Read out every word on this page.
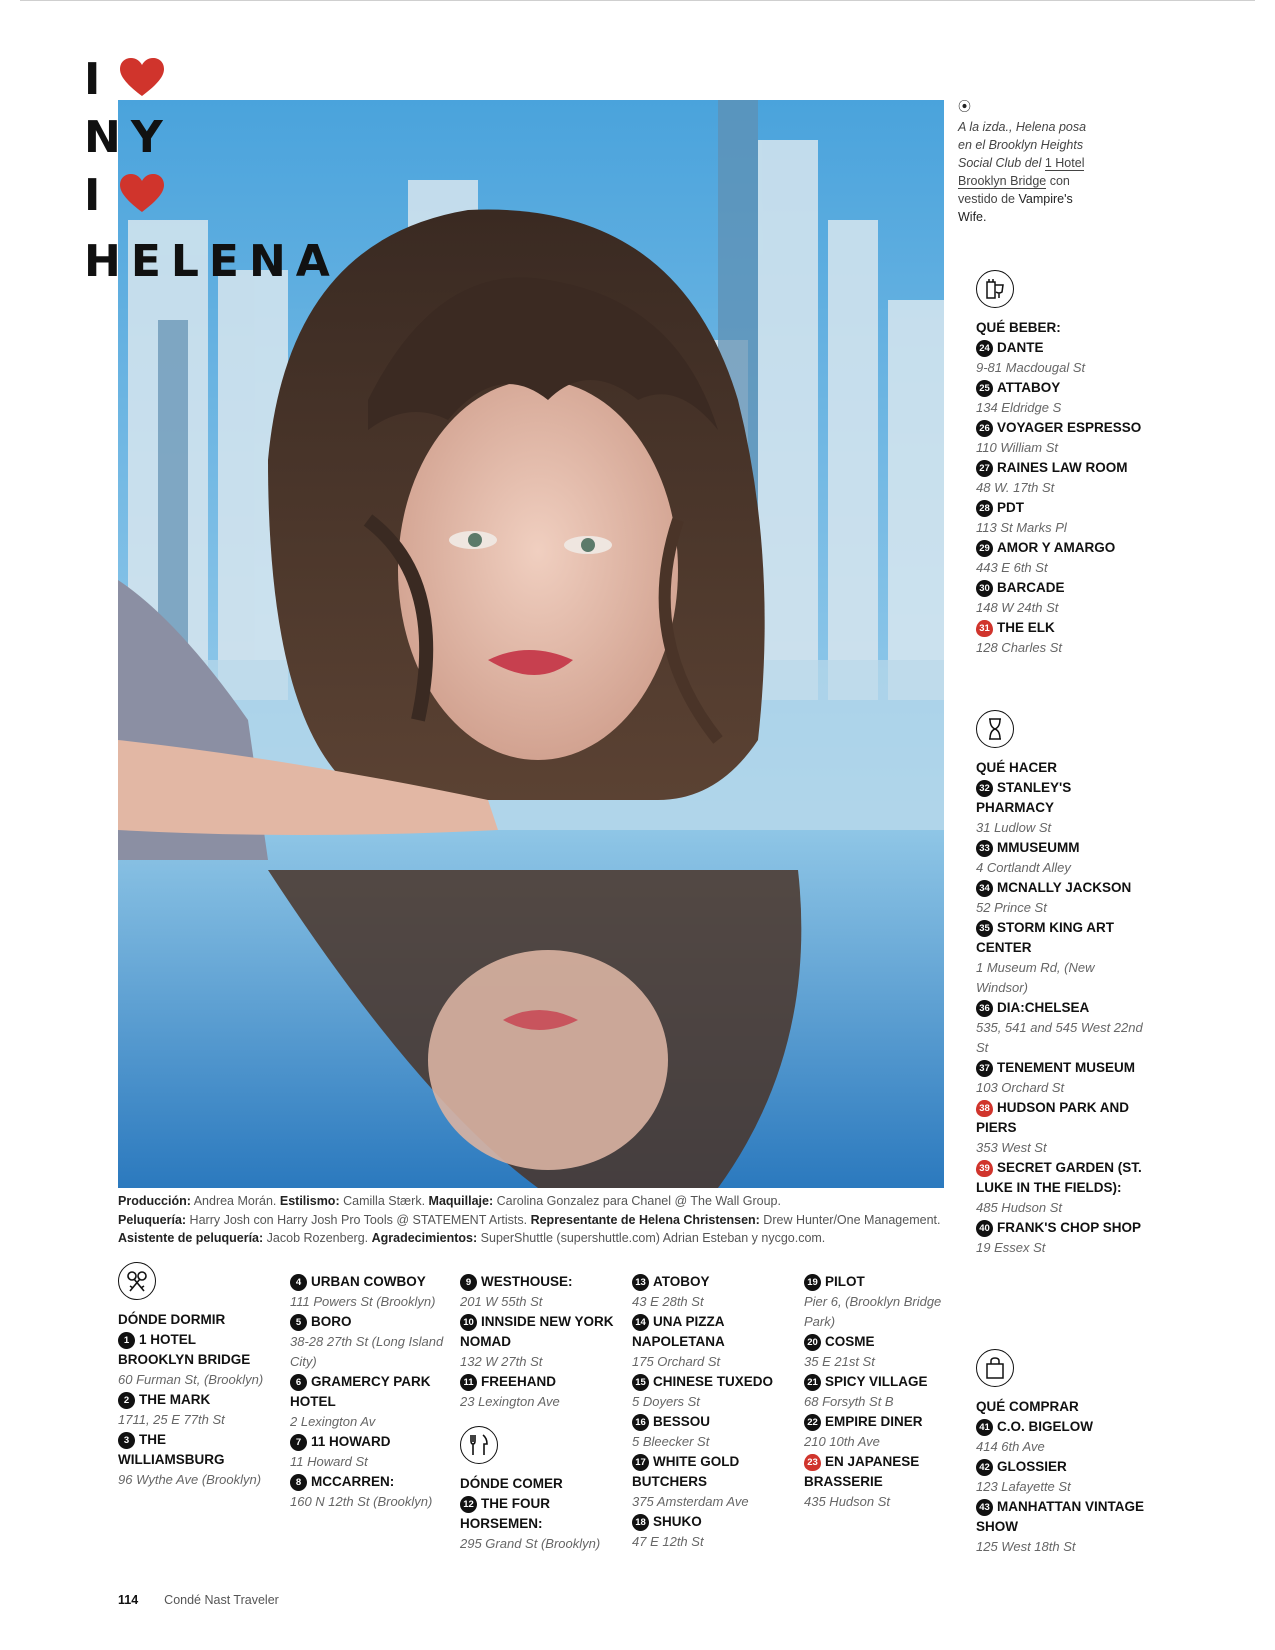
I
NY
I
HELENA
⦿
A la izda., Helena posa en el Brooklyn Heights Social Club del 1 Hotel Brooklyn Bridge con vestido de Vampire's Wife.
Producción: Andrea Morán. Estilismo: Camilla Stærk. Maquillaje: Carolina Gonzalez para Chanel @ The Wall Group.
Peluquería: Harry Josh con Harry Josh Pro Tools @ STATEMENT Artists. Representante de Helena Christensen: Drew Hunter/One Management. Asistente de peluquería: Jacob Rozenberg. Agradecimientos: SuperShuttle (supershuttle.com) Adrian Esteban y nycgo.com.
DÓNDE DORMIR
1 1 HOTEL BROOKLYN BRIDGE
60 Furman St, (Brooklyn)
2 THE MARK
1711, 25 E 77th St
3 THE WILLIAMSBURG
96 Wythe Ave (Brooklyn)
4 URBAN COWBOY
111 Powers St (Brooklyn)
5 BORO
38-28 27th St (Long Island City)
6 GRAMERCY PARK HOTEL
2 Lexington Av
7 11 HOWARD
11 Howard St
8 MCCARREN:
160 N 12th St (Brooklyn)
9 WESTHOUSE:
201 W 55th St
10 INNSIDE NEW YORK NOMAD
132 W 27th St
11 FREEHAND
23 Lexington Ave
DÓNDE COMER
12 THE FOUR HORSEMEN:
295 Grand St (Brooklyn)
13 ATOBOY
43 E 28th St
14 UNA PIZZA NAPOLETANA
175 Orchard St
15 CHINESE TUXEDO
5 Doyers St
16 BESSOU
5 Bleecker St
17 WHITE GOLD BUTCHERS
375 Amsterdam Ave
18 SHUKO
47 E 12th St
19 PILOT
Pier 6, (Brooklyn Bridge Park)
20 COSME
35 E 21st St
21 SPICY VILLAGE
68 Forsyth St B
22 EMPIRE DINER
210 10th Ave
23 EN JAPANESE BRASSERIE
435 Hudson St
QUÉ BEBER:
24 DANTE
9-81 Macdougal St
25 ATTABOY
134 Eldridge S
26 VOYAGER ESPRESSO
110 William St
27 RAINES LAW ROOM
48 W. 17th St
28 PDT
113 St Marks Pl
29 AMOR Y AMARGO
443 E 6th St
30 BARCADE
148 W 24th St
31 THE ELK
128 Charles St
QUÉ HACER
32 STANLEY'S PHARMACY
31 Ludlow St
33 MMUSEUMM
4 Cortlandt Alley
34 MCNALLY JACKSON
52 Prince St
35 STORM KING ART CENTER
1 Museum Rd, (New Windsor)
36 DIA:CHELSEA
535, 541 and 545 West 22nd St
37 TENEMENT MUSEUM
103 Orchard St
38 HUDSON PARK AND PIERS
353 West St
39 SECRET GARDEN (ST. LUKE IN THE FIELDS):
485 Hudson St
40 FRANK'S CHOP SHOP
19 Essex St
QUÉ COMPRAR
41 C.O. BIGELOW
414 6th Ave
42 GLOSSIER
123 Lafayette St
43 MANHATTAN VINTAGE SHOW
125 West 18th St
114 Condé Nast Traveler
